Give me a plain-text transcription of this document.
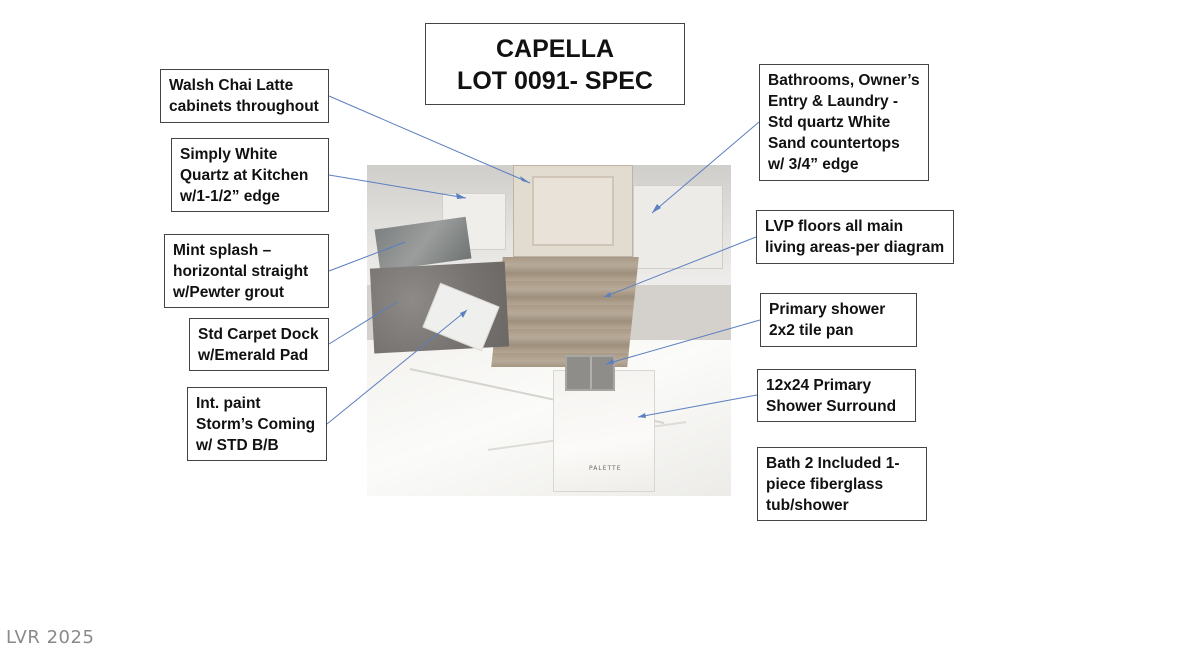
CAPELLA
LOT 0091- SPEC
Walsh Chai Latte
cabinets throughout
Simply White
Quartz at Kitchen
w/1-1/2” edge
Mint splash –
horizontal straight
w/Pewter grout
Std Carpet Dock
w/Emerald Pad
Int. paint
Storm’s Coming
w/ STD B/B
Bathrooms, Owner’s
Entry & Laundry -
Std quartz White
Sand countertops
w/ 3/4” edge
LVP floors all main
living areas-per diagram
Primary shower
2x2 tile pan
12x24 Primary
Shower Surround
Bath 2 Included 1-
piece fiberglass
tub/shower
PALETTE
LVR 2025
